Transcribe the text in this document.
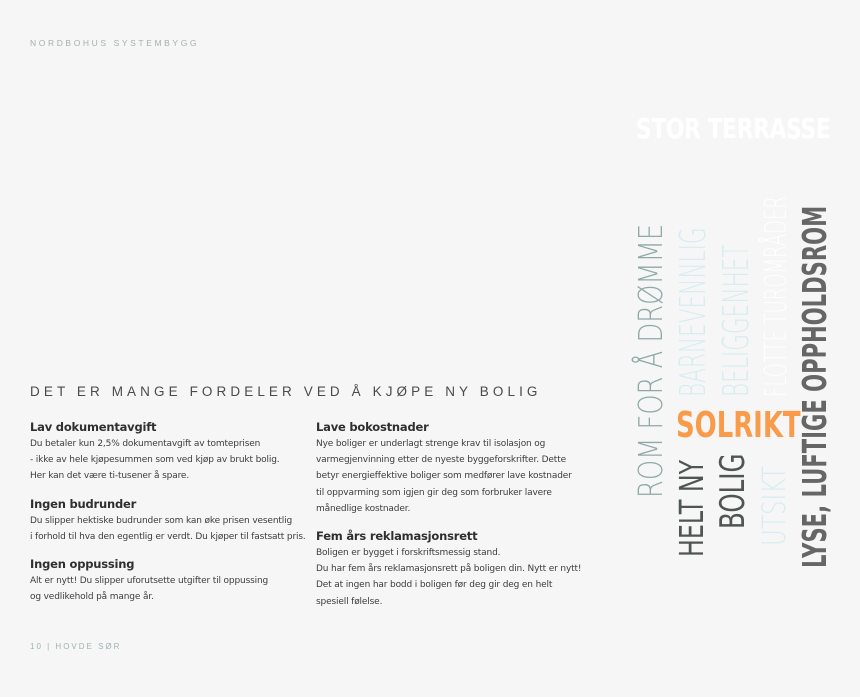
NORDBOHUS SYSTEMBYGG
DET ER MANGE FORDELER VED Å KJØPE NY BOLIG
Lav dokumentavgift

Du betaler kun 2,5% dokumentavgift av tomteprisen

- ikke av hele kjøpesummen som ved kjøp av brukt bolig.

Her kan det være ti-tusener å spare.

Ingen budrunder

Du slipper hektiske budrunder som kan øke prisen vesentlig

i forhold til hva den egentlig er verdt. Du kjøper til fastsatt pris.

Ingen oppussing

Alt er nytt! Du slipper uforutsette utgifter til oppussing

og vedlikehold på mange år.

Lave bokostnader

Nye boliger er underlagt strenge krav til isolasjon og

varmegjenvinning etter de nyeste byggeforskrifter. Dette

betyr energieffektive boliger som medfører lave kostnader

til oppvarming som igjen gir deg som forbruker lavere

månedlige kostnader.

Fem års reklamasjonsrett

Boligen er bygget i forskriftsmessig stand.

Du har fem års reklamasjonsrett på boligen din. Nytt er nytt!

Det at ingen har bodd i boligen før deg gir deg en helt

spesiell følelse.

STOR TERRASSE
ROM FOR Å DRØMME BARNEVENNLIG BELIGGENHET FLOTTE TUROMRÅDER LYSE, LUFTIGE OPPHOLDSROM
SOLRIKT
HELT NY BOLIG UTSIKT
10 | HOVDE SØR
